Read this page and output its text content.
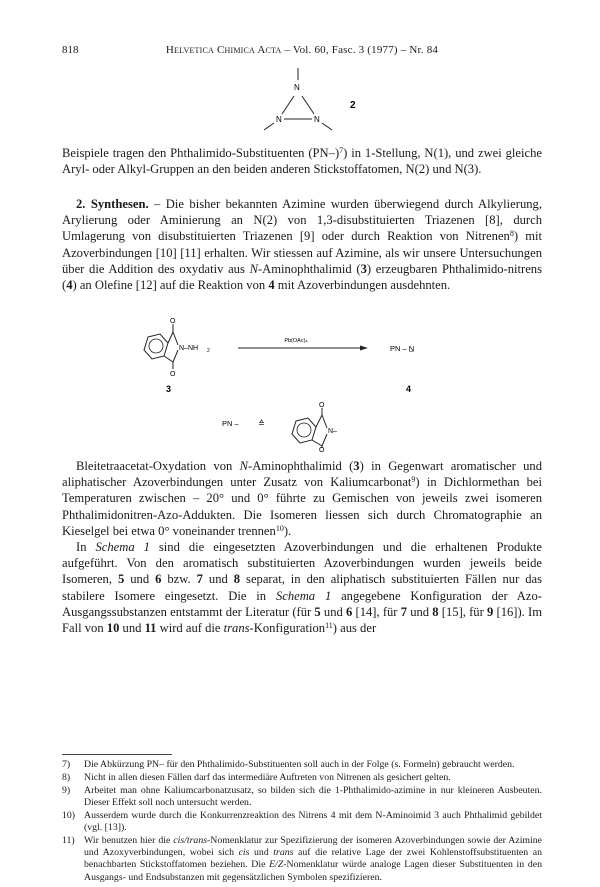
818	Helvetica Chimica Acta – Vol. 60, Fasc. 3 (1977) – Nr. 84
N
N	N
2

Beispiele tragen den Phthalimido-Substituenten $(PN-)^7$) in 1-Stellung, N(1), und zwei gleiche Aryl- oder Alkyl-Gruppen an den beiden anderen Stickstoffatomen, N(2) und N(3).

2. Synthesen. – Die bisher bekannten Azimine wurden überwiegend durch Alkylierung, Arylierung oder Aminierung an N(2) von 1,3-disubstituierten Triazenen [8], durch Umlagerung von disubstituierten Triazenen [9] oder durch Reaktion von Nitrenen$^8$) mit Azoverbindungen [10] [11] erhalten. Wir stiessen auf Azimine, als wir unsere Untersuchungen über die Addition des oxydativ aus N-Aminophthalimid (3) erzeugbaren Phthalimido-nitrens (4) an Olefine [12] auf die Reaktion von 4 mit Azoverbindungen ausdehnten.

O
O
N–NH 2
3
Pb(OAc)₄
PN – N̲
4
PN – ≙
O
O
N–

Bleitetraacetat-Oxydation von N-Aminophthalimid (3) in Gegenwart aromatischer und aliphatischer Azoverbindungen unter Zusatz von Kaliumcarbonat$^9$) in Dichlormethan bei Temperaturen zwischen – 20° und 0° führte zu Gemischen von jeweils zwei isomeren Phthalimidonitren-Azo-Addukten. Die Isomeren liessen sich durch Chromatographie an Kieselgel bei etwa 0° voneinander trennen$^{10}$).

In Schema 1 sind die eingesetzten Azoverbindungen und die erhaltenen Produkte aufgeführt. Von den aromatisch substituierten Azoverbindungen wurden jeweils beide Isomeren, 5 und 6 bzw. 7 und 8 separat, in den aliphatisch substituierten Fällen nur das stabilere Isomere eingesetzt. Die in Schema 1 angegebene Konfiguration der Azo-Ausgangssubstanzen entstammt der Literatur (für 5 und 6 [14], für 7 und 8 [15], für 9 [16]). Im Fall von 10 und 11 wird auf die trans-Konfiguration$^{11}$) aus der

7)	Die Abkürzung PN– für den Phthalimido-Substituenten soll auch in der Folge (s. Formeln) gebraucht werden.
8)	Nicht in allen diesen Fällen darf das intermediäre Auftreten von Nitrenen als gesichert gelten.
9)	Arbeitet man ohne Kaliumcarbonatzusatz, so bilden sich die 1-Phthalimido-azimine in nur kleineren Ausbeuten. Dieser Effekt soll noch untersucht werden.
10) Ausserdem wurde durch die Konkurrenzreaktion des Nitrens 4 mit dem N-Aminoimid 3 auch Phthalimid gebildet (vgl. [13]).
11) Wir benutzen hier die cis/trans-Nomenklatur zur Spezifizierung der isomeren Azoverbindungen sowie der Azimine und Azoxyverbindungen, wobei sich cis und trans auf die relative Lage der zwei Kohlenstoffsubstituenten an benachbarten Stickstoffatomen beziehen. Die E/Z-Nomenklatur würde analoge Lagen dieser Substituenten in den Ausgangs- und Endsubstanzen mit gegensätzlichen Symbolen spezifizieren.
